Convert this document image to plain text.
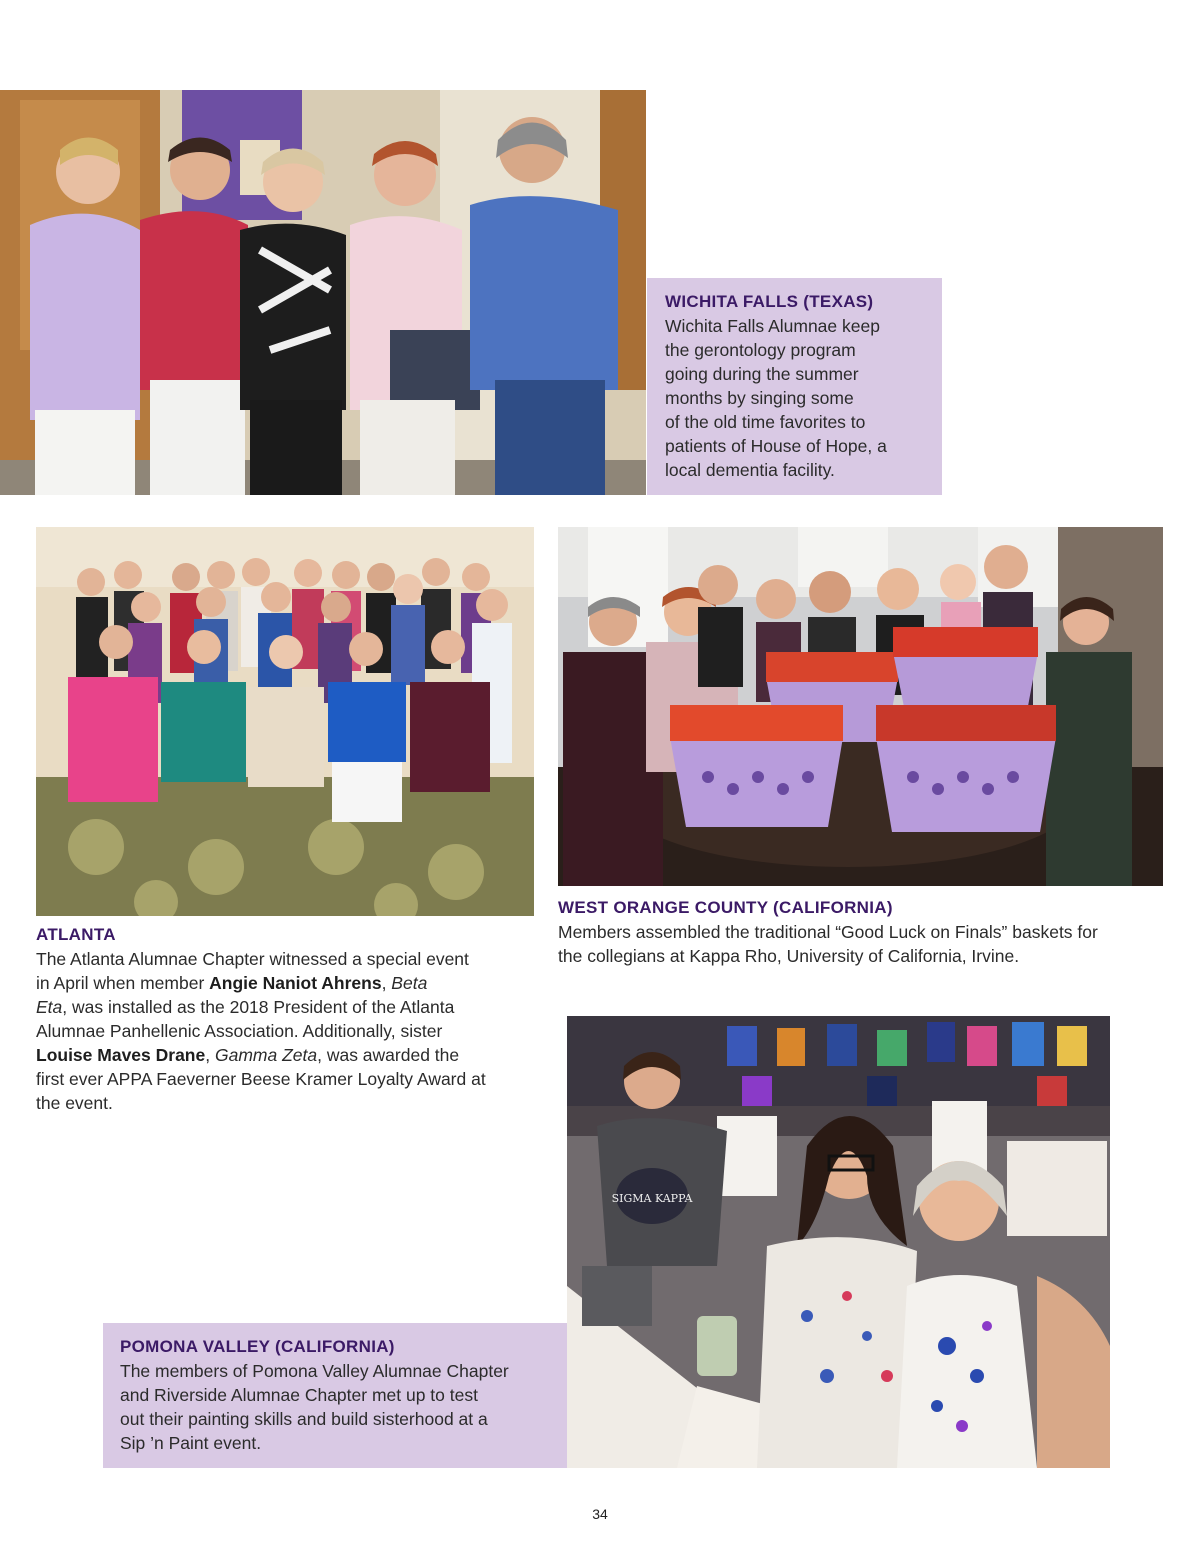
WICHITA FALLS (TEXAS)

Wichita Falls Alumnae keep

the gerontology program

going during the summer

months by singing some

of the old time favorites to

patients of House of Hope, a

local dementia facility.

ATLANTA

The Atlanta Alumnae Chapter witnessed a special event

in April when member Angie Naniot Ahrens, Beta

Eta, was installed as the 2018 President of the Atlanta

Alumnae Panhellenic Association. Additionally, sister

Louise Maves Drane, Gamma Zeta, was awarded the

first ever APPA Faeverner Beese Kramer Loyalty Award at

the event.

WEST ORANGE COUNTY (CALIFORNIA)

Members assembled the traditional “Good Luck on Finals” baskets for

the collegians at Kappa Rho, University of California, Irvine.

SIGMA KAPPA

POMONA VALLEY (CALIFORNIA)

The members of Pomona Valley Alumnae Chapter

and Riverside Alumnae Chapter met up to test

out their painting skills and build sisterhood at a

Sip ’n Paint event.

34
